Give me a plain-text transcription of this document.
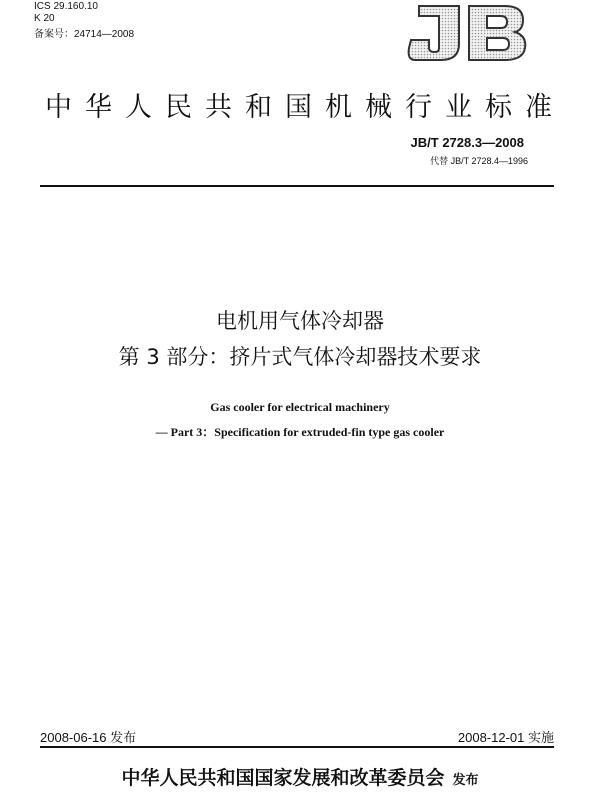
ICS 29.160.10
K 20
备案号：24714—2008
中华人民共和国机械行业标准
JB/T 2728.3—2008
代替 JB/T 2728.4—1996
电机用气体冷却器
第 3 部分：挤片式气体冷却器技术要求
Gas cooler for electrical machinery
— Part 3：Specification for extruded-fin type gas cooler
2008-06-16 发布	2008-12-01 实施
中华人民共和国国家发展和改革委员会 发布
